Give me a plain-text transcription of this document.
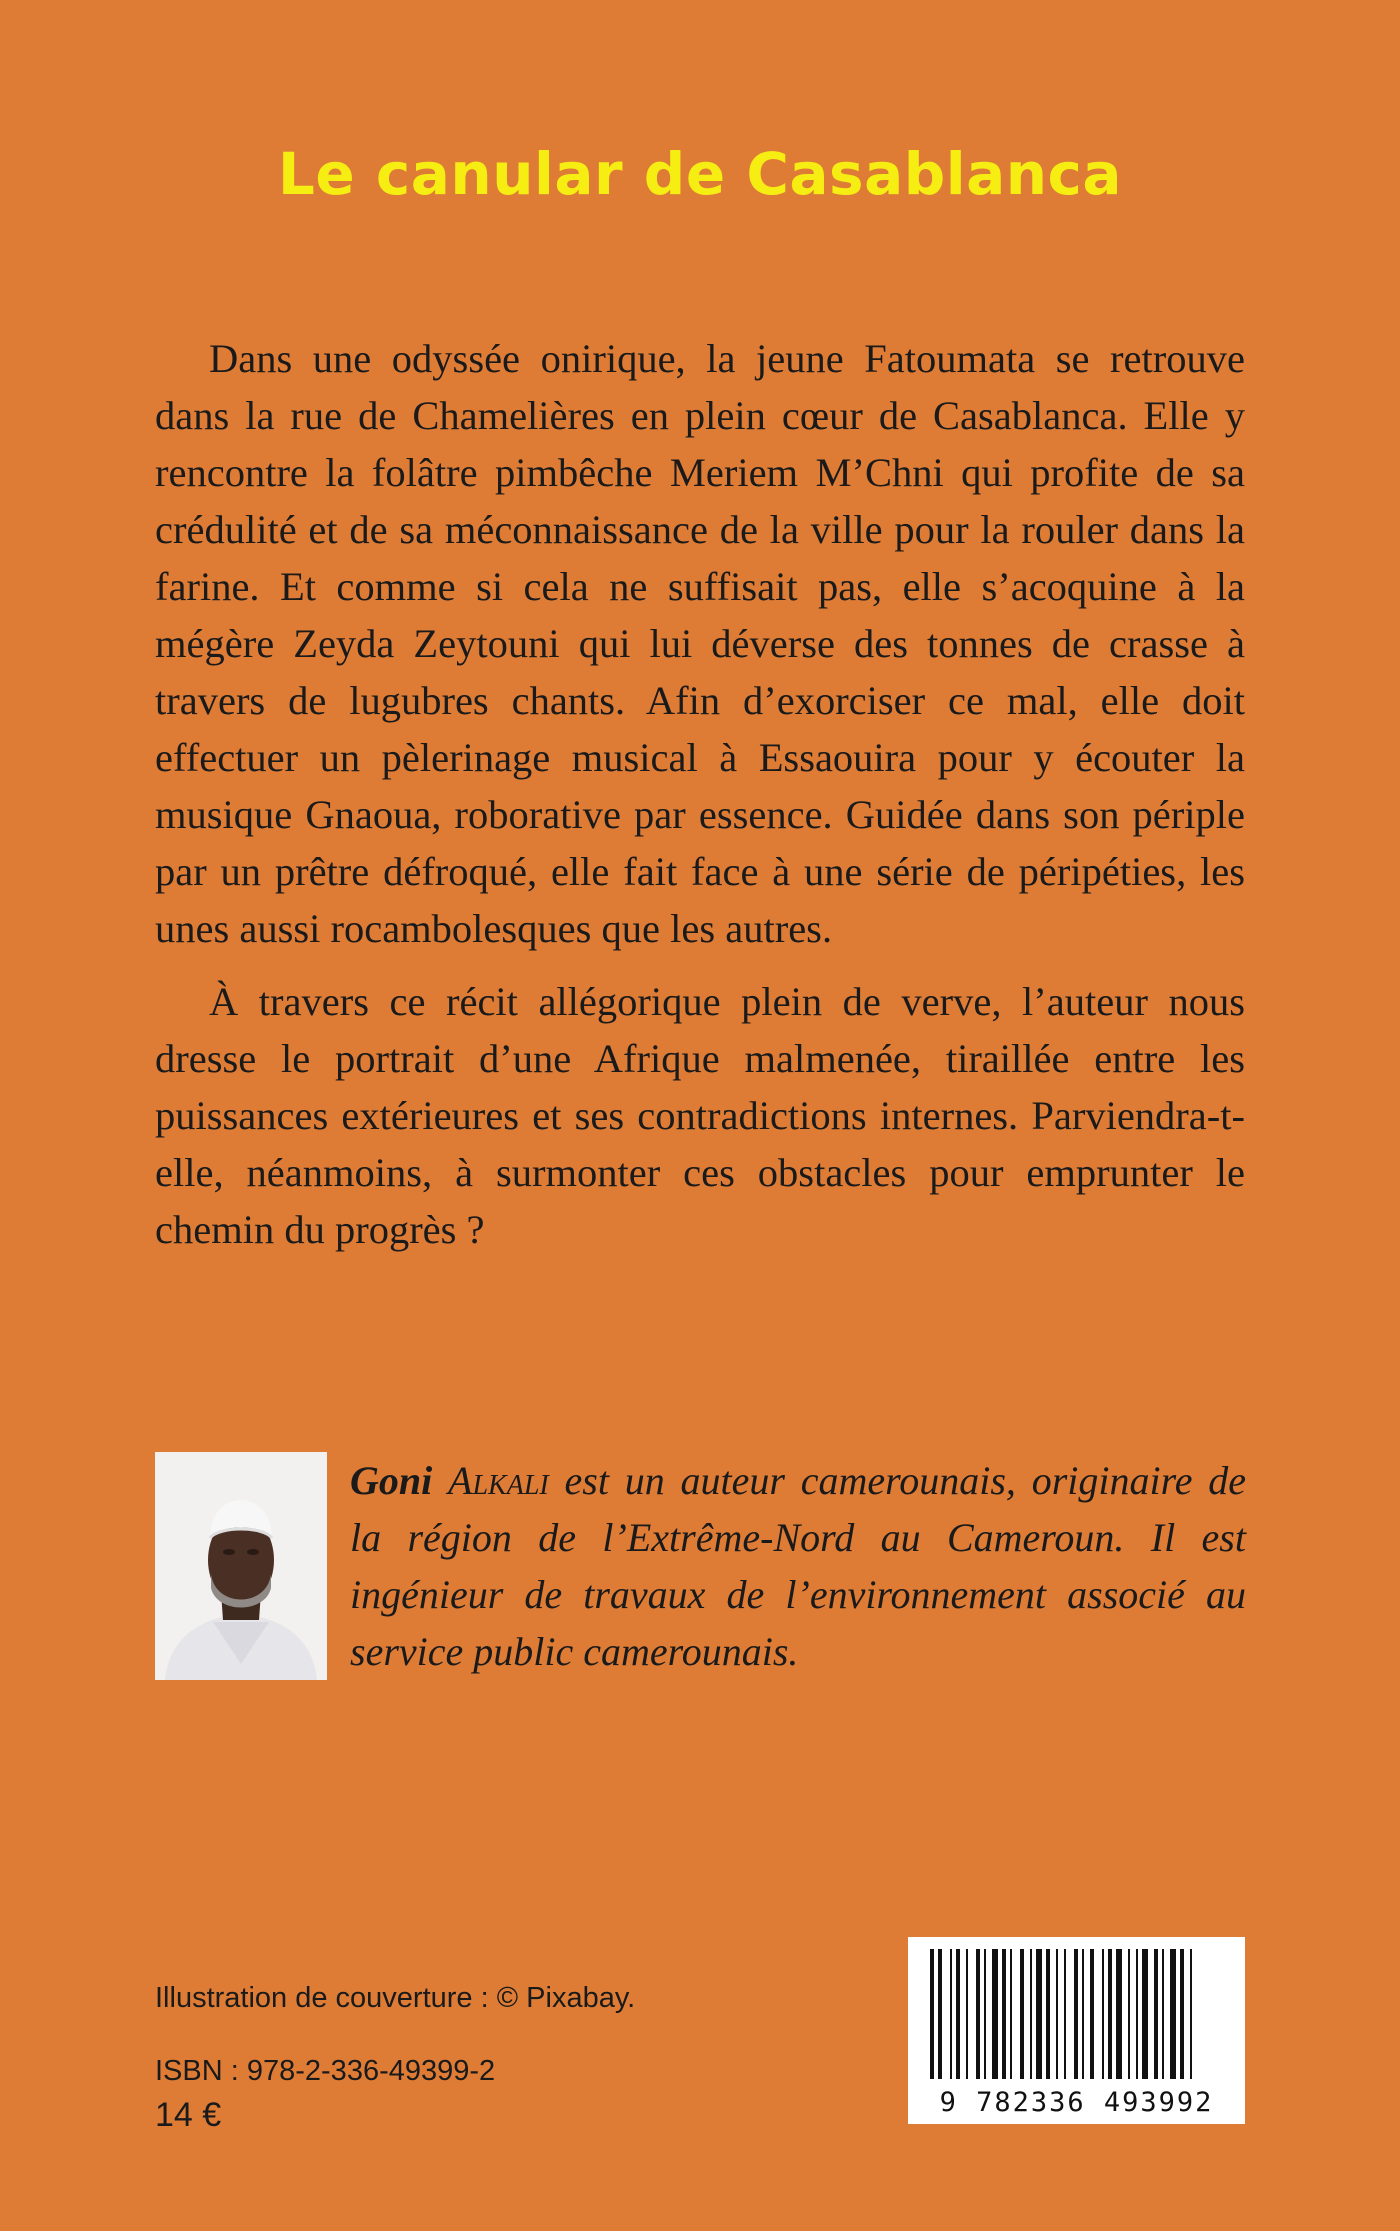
Le canular de Casablanca

Dans une odyssée onirique, la jeune Fatoumata se retrouve dans la rue de Chamelières en plein cœur de Casablanca. Elle y rencontre la folâtre pimbêche Meriem M’Chni qui profite de sa crédulité et de sa méconnaissance de la ville pour la rouler dans la farine. Et comme si cela ne suffisait pas, elle s’acoquine à la mégère Zeyda Zeytouni qui lui déverse des tonnes de crasse à travers de lugubres chants. Afin d’exorciser ce mal, elle doit effectuer un pèlerinage musical à Essaouira pour y écouter la musique Gnaoua, roborative par essence. Guidée dans son périple par un prêtre défroqué, elle fait face à une série de péripéties, les unes aussi rocambolesques que les autres.

À travers ce récit allégorique plein de verve, l’auteur nous dresse le portrait d’une Afrique malmenée, tiraillée entre les puissances extérieures et ses contradictions internes. Parviendra-t-elle, néanmoins, à surmonter ces obstacles pour emprunter le chemin du progrès ?

Goni Alkali est un auteur camerounais, originaire de la région de l’Extrême-Nord au Cameroun. Il est ingénieur de travaux de l’environnement associé au service public camerounais.
Illustration de couverture : © Pixabay.
ISBN : 978-2-336-49399-2
14 €	9 782336 493992
